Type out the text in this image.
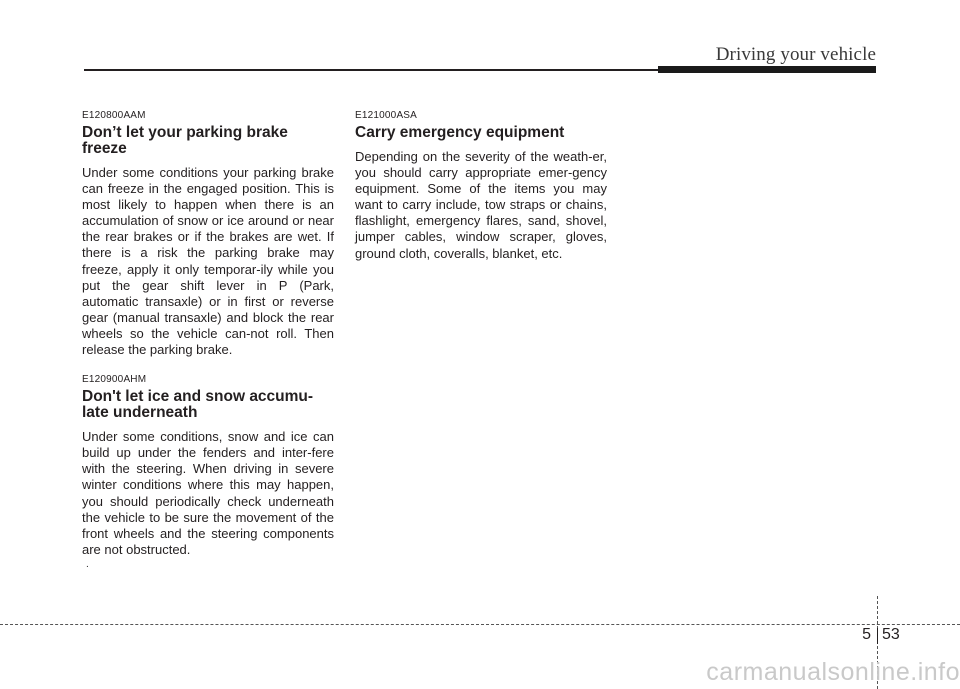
Driving your vehicle

E120800AAM

Don’t let your parking brake freeze

Under some conditions your parking brake can freeze in the engaged position. This is most likely to happen when there is an accumulation of snow or ice around or near the rear brakes or if the brakes are wet. If there is a risk the parking brake may freeze, apply it only temporar-ily while you put the gear shift lever in P (Park, automatic transaxle) or in first or reverse gear (manual transaxle) and block the rear wheels so the vehicle can-not roll. Then release the parking brake.

E120900AHM

Don't let ice and snow accumu-late underneath

Under some conditions, snow and ice can build up under the fenders and inter-fere with the steering. When driving in severe winter conditions where this may happen, you should periodically check underneath the vehicle to be sure the movement of the front wheels and the steering components are not obstructed.

E121000ASA

Carry emergency equipment

Depending on the severity of the weath-er, you should carry appropriate emer-gency equipment. Some of the items you may want to carry include, tow straps or chains, flashlight, emergency flares, sand, shovel, jumper cables, window scraper, gloves, ground cloth, coveralls, blanket, etc.

.
5 53
carmanualsonline.info
